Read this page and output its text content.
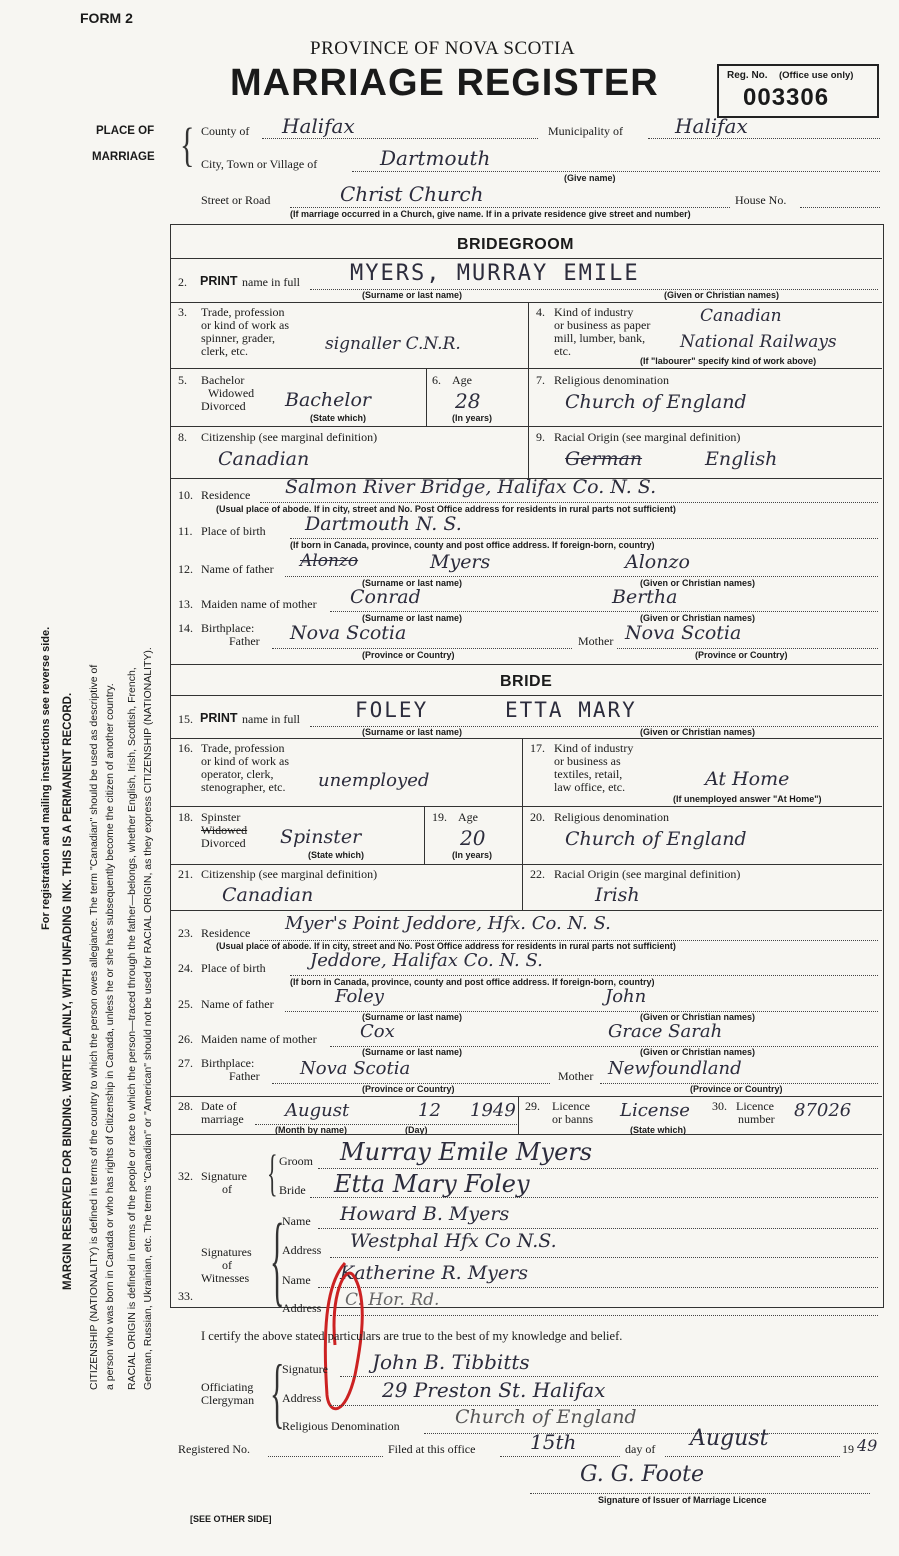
FORM 2
PROVINCE OF NOVA SCOTIA
MARRIAGE REGISTER	Reg. No. (Office use only)
003306
For registration and mailing instructions see reverse side. MARGIN RESERVED FOR BINDING. WRITE PLAINLY, WITH UNFADING INK. THIS IS A PERMANENT RECORD. CITIZENSHIP (NATIONALITY) is defined in terms of the country to which the person owes allegiance. The term "Canadian" should be used as descriptive of a person who was born in Canada or who has rights of Citizenship in Canada, unless he or she has subsequently become the citizen of another country. RACIAL ORIGIN is defined in terms of the people or race to which the person—traced through the father—belongs, whether English, Irish, Scottish, French, German, Russian, Ukrainian, etc. The terms "Canadian" or "American" should not be used for RACIAL ORIGIN, as they express CITIZENSHIP (NATIONALITY).
PLACE OF
MARRIAGE { County of Halifax	Municipality of	Halifax
City, Town or Village of	Dartmouth
(Give name)
Street or Road	Christ Church	House No.
(If marriage occurred in a Church, give name. If in a private residence give street and number)
BRIDEGROOM
2. PRINT name in full MYERS, MURRAY EMILE
(Surname or last name)	(Given or Christian names)
3. Trade, profession
or kind of work as
spinner, grader,
clerk, etc.	signaller C.N.R.
4. Kind of industry
or business as paper
mill, lumber, bank,
etc.
Canadian
National Railways
(If "labourer" specify kind of work above)
5. Bachelor
Widowed
Divorced Bachelor
(State which)
6. Age
28
(In years)
7. Religious denomination
Church of England
8. Citizenship (see marginal definition)
Canadian
9. Racial Origin (see marginal definition)
German	English
10. Residence Salmon River Bridge, Halifax Co. N. S.
(Usual place of abode. If in city, street and No. Post Office address for residents in rural parts not sufficient)
11. Place of birth Dartmouth N. S.
(If born in Canada, province, county and post office address. If foreign-born, country)
12. Name of father Alonzo	Myers	Alonzo
(Surname or last name)	(Given or Christian names)
13. Maiden name of mother Conrad	Bertha
(Surname or last name)	(Given or Christian names)
14. Birthplace:
Father Nova Scotia	Mother Nova Scotia
(Province or Country)	(Province or Country)
BRIDE
15. PRINT name in full	FOLEY	ETTA MARY
(Surname or last name)	(Given or Christian names)
16. Trade, profession
or kind of work as
operator, clerk,
stenographer, etc. unemployed
17. Kind of industry
or business as
textiles, retail,
law office, etc.	At Home
(If unemployed answer "At Home")
18. Spinster
Widowed
Divorced Spinster
(State which)
19. Age
20
(In years)
20. Religious denomination
Church of England
21. Citizenship (see marginal definition)
Canadian
22. Racial Origin (see marginal definition)
Irish
23. Residence Myer's Point Jeddore, Hfx. Co. N. S.
(Usual place of abode. If in city, street and No. Post Office address for residents in rural parts not sufficient)
24. Place of birth Jeddore, Halifax Co. N. S.
(If born in Canada, province, county and post office address. If foreign-born, country)
25. Name of father	Foley	John
(Surname or last name)	(Given or Christian names)
26. Maiden name of mother Cox	Grace Sarah
(Surname or last name)	(Given or Christian names)
27. Birthplace:
Father Nova Scotia	Mother Newfoundland
(Province or Country)	(Province or Country)
28. Date of
marriage August	12 1949
(Month by name)	(Day)
29. Licence
or banns License
(State which)
30. Licence
number 87026
32. Signature
of { Groom Murray Emile Myers
Bride Etta Mary Foley
33.
Signatures
of
Witnesses {
Name Howard B. Myers
Address Westphal Hfx Co N.S.
Name Katherine R. Myers
Address C. Hor. Rd.
I certify the above stated particulars are true to the best of my knowledge and belief.
Officiating
Clergyman {
Signature John B. Tibbitts
Address	29 Preston St. Halifax
Religious Denomination	Church of England
Registered No.	Filed at this office	15th	day of August	19 49
G. G. Foote
Signature of Issuer of Marriage Licence
[SEE OTHER SIDE]
